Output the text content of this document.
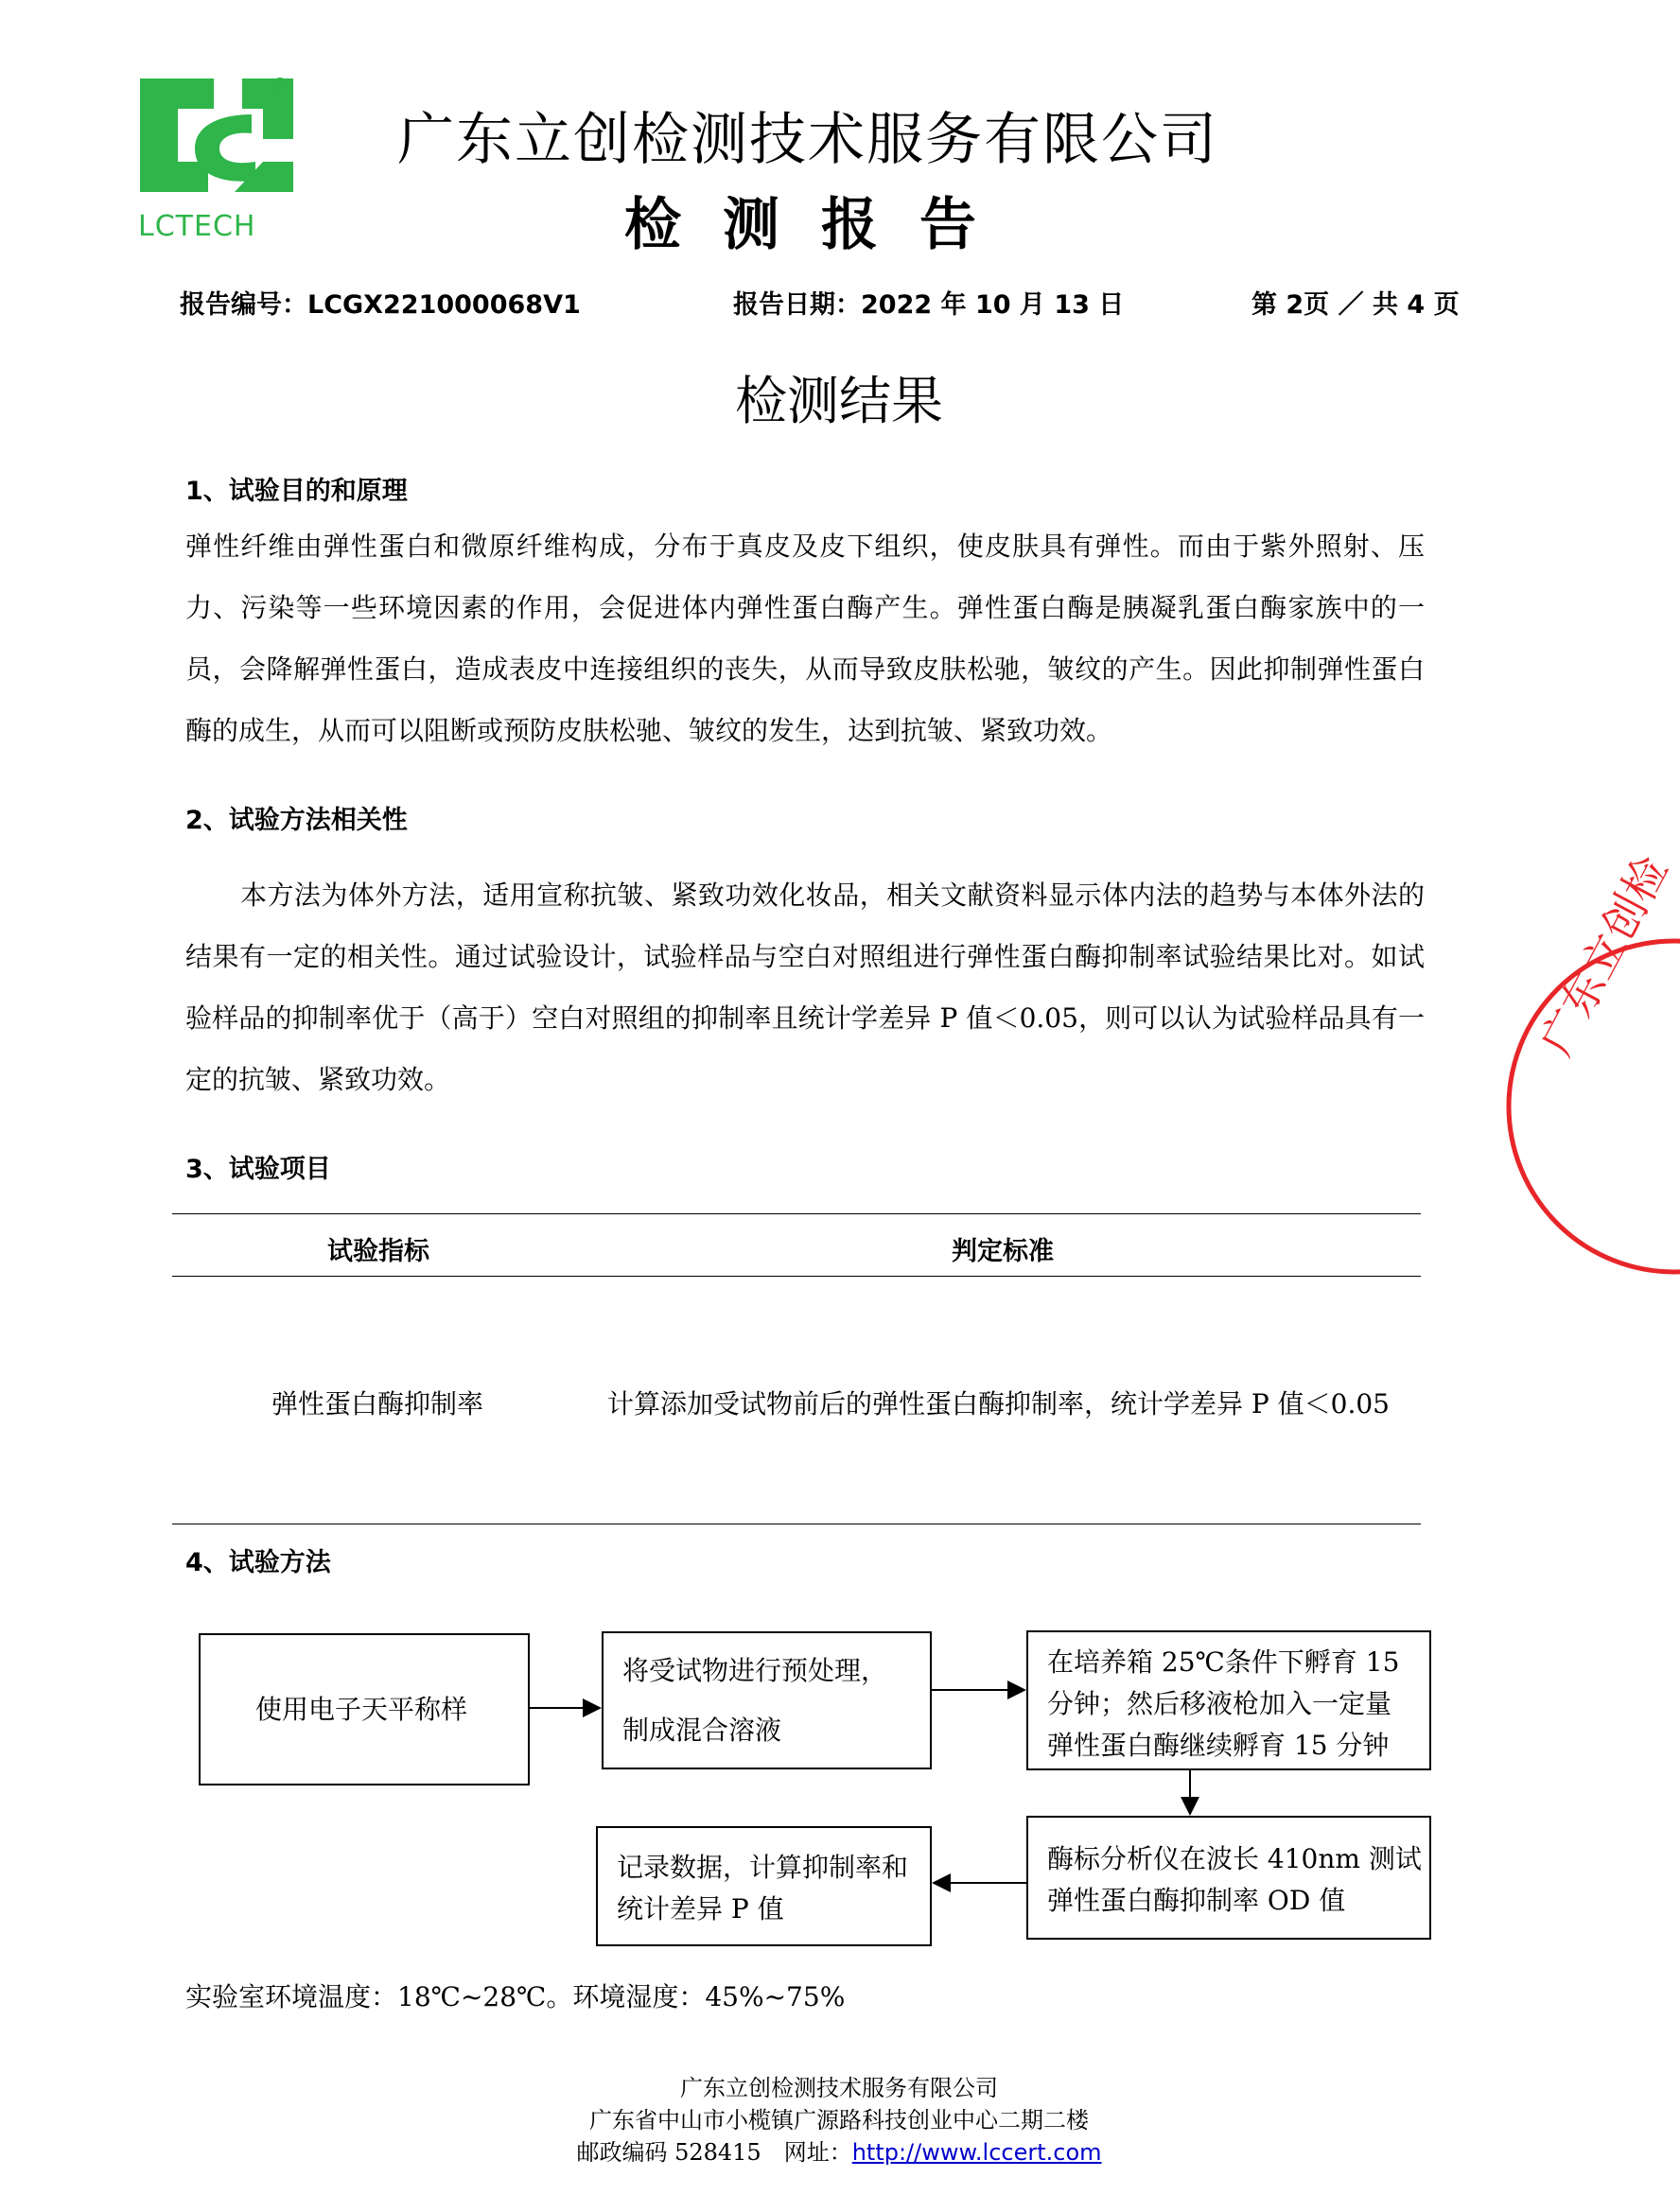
LCTECH
®
广东立创检测技术服务有限公司
检测报告
报告编号：LCGX221000068V1	报告日期：2022 年 10 月 13 日	第 2页 ／ 共 4 页
检测结果
1、试验目的和原理
弹性纤维由弹性蛋白和微原纤维构成，分布于真皮及皮下组织，使皮肤具有弹性。而由于紫外照射、压力、污染等一些环境因素的作用，会促进体内弹性蛋白酶产生。弹性蛋白酶是胰凝乳蛋白酶家族中的一员，会降解弹性蛋白，造成表皮中连接组织的丧失，从而导致皮肤松驰，皱纹的产生。因此抑制弹性蛋白酶的成生，从而可以阻断或预防皮肤松驰、皱纹的发生，达到抗皱、紧致功效。
2、试验方法相关性
本方法为体外方法，适用宣称抗皱、紧致功效化妆品，相关文献资料显示体内法的趋势与本体外法的结果有一定的相关性。通过试验设计，试验样品与空白对照组进行弹性蛋白酶抑制率试验结果比对。如试验样品的抑制率优于（高于）空白对照组的抑制率且统计学差异 P 值＜0.05，则可以认为试验样品具有一定的抗皱、紧致功效。
3、试验项目
试验指标	判定标准
弹性蛋白酶抑制率	计算添加受试物前后的弹性蛋白酶抑制率，统计学差异 P 值＜0.05
4、试验方法
使用电子天平称样
将受试物进行预处理，
制成混合溶液
在培养箱 25℃条件下孵育 15
分钟；然后移液枪加入一定量
弹性蛋白酶继续孵育 15 分钟
酶标分析仪在波长 410nm 测试
弹性蛋白酶抑制率 OD 值
记录数据，计算抑制率和
统计差异 P 值
实验室环境温度：18℃~28℃。环境湿度：45%~75%
广东立创检测技术服务有限公司
广东省中山市小榄镇广源路科技创业中心二期二楼
邮政编码 528415 网址：http://www.lccert.com
广东立创检
